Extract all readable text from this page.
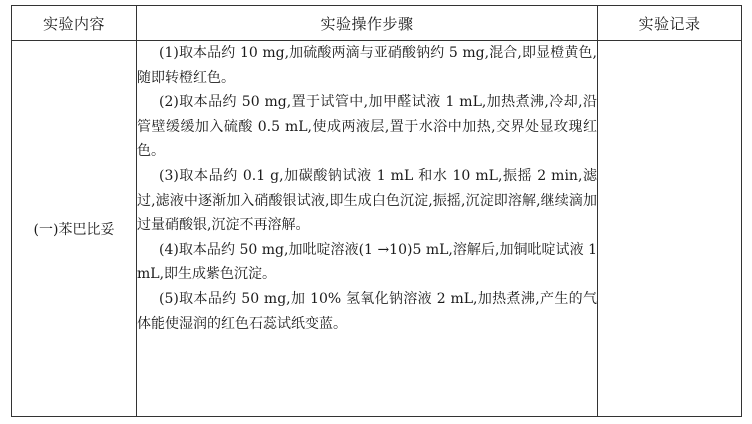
实验内容	实验操作步骤	实验记录
(一)苯巴比妥	(1)取本品约 10 mg,加硫酸两滴与亚硝酸钠约 5 mg,混合,即显橙黄色,随即转橙红色。

(2)取本品约 50 mg,置于试管中,加甲醛试液 1 mL,加热煮沸,冷却,沿管壁缓缓加入硫酸 0.5 mL,使成两液层,置于水浴中加热,交界处显玫瑰红色。

(3)取本品约 0.1 g,加碳酸钠试液 1 mL 和水 10 mL,振摇 2 min,滤过,滤液中逐渐加入硝酸银试液,即生成白色沉淀,振摇,沉淀即溶解,继续滴加过量硝酸银,沉淀不再溶解。

(4)取本品约 50 mg,加吡啶溶液(1 →10)5 mL,溶解后,加铜吡啶试液 1 mL,即生成紫色沉淀。

(5)取本品约 50 mg,加 10% 氢氧化钠溶液 2 mL,加热煮沸,产生的气体能使湿润的红色石蕊试纸变蓝。	
